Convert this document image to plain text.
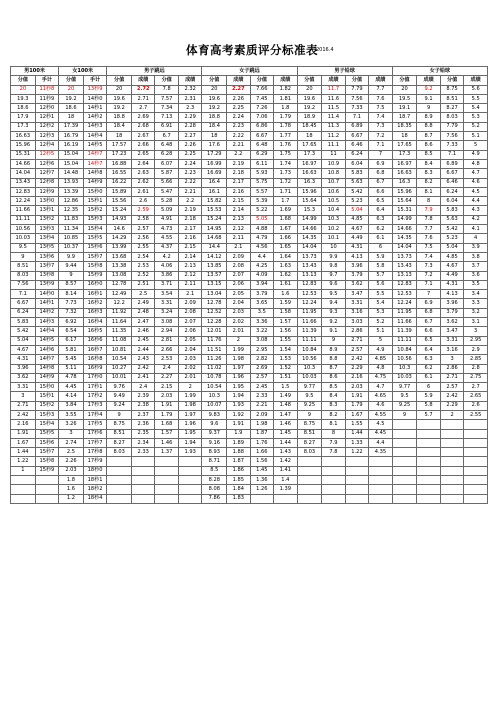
体育高考素质评分标准表
2016.4
男100米		女100米		男子跳远				女子跳远				男子铅球				女子铅球			
分值	手计	分值	手计	分值	成绩	分值	成绩	分值	成绩	分值	成绩	分值	成绩	分值	成绩	分值	成绩	分值	成绩
20	11秒8	20	13秒9	20	2.72	7.8	2.32	20	2.27	7.66	1.82	20	11.7	7.79	7.7	20	9.2	8.75	5.6
19.3	11秒9	19.2	14秒0	19.6	2.71	7.57	2.31	19.6	2.26	7.45	1.81	19.6	11.6	7.56	7.6	19.5	9.1	8.51	5.5
18.6	12秒0	18.6	14秒1	19.2	2.7	7.34	2.3	19.2	2.25	7.26	1.8	19.2	11.5	7.33	7.5	19.1	9	8.27	5.4
17.9	12秒1	18	14秒2	18.8	2.69	7.13	2.29	18.8	2.24	7.06	1.79	18.9	11.4	7.1	7.4	18.7	8.9	8.03	5.3
17.3	12秒2	17.39	14秒3	18.4	2.68	6.91	2.28	18.4	2.23	6.86	1.78	18.45	11.3	6.89	7.3	18.35	8.8	7.79	5.2
16.63	12秒3	16.79	14秒4	18	2.67	6.7	2.27	18	2.22	6.67	1.77	18	11.2	6.67	7.2	18	8.7	7.56	5.1
15.96	12秒4	16.19	14秒5	17.57	2.66	6.48	2.26	17.6	2.21	6.48	1.76	17.65	11.1	6.46	7.1	17.65	8.6	7.33	5
15.31	12秒5	15.04	14秒7	17.23	2.65	6.28	2.25	17.29	2.2	6.29	1.75	17.3	11	6.24	7	17.3	8.5	7.1	4.9
14.66	12秒6	15.04	14秒7	16.88	2.64	6.07	2.24	16.99	2.19	6.11	1.74	16.97	10.9	6.04	6.9	16.97	8.4	6.89	4.8
14.04	12秒7	14.48	14秒8	16.55	2.63	5.87	2.23	16.69	2.18	5.93	1.73	16.63	10.8	5.83	6.8	16.63	8.3	6.67	4.7
13.43	12秒8	13.93	14秒9	16.22	2.62	5.66	2.22	16.4	2.17	5.75	1.72	16.3	10.7	5.63	6.7	16.3	8.2	6.46	4.6
12.83	12秒9	13.39	15秒0	15.89	2.61	5.47	2.21	16.1	2.16	5.57	1.71	15.96	10.6	5.42	6.6	15.96	8.1	6.24	4.5
12.24	13秒0	12.86	15秒1	15.56	2.6	5.28	2.2	15.82	2.15	5.39	1.7	15.64	10.5	5.23	6.5	15.64	8	6.04	4.4
11.66	13秒1	12.35	15秒2	15.24	2.59	5.09	2.19	15.53	2.14	5.22	1.69	15.3	10.4	5.04	6.4	15.31	7.9	5.83	4.3
11.11	13秒2	11.83	15秒3	14.93	2.58	4.91	2.18	15.24	2.13	5.05	1.68	14.99	10.3	4.85	6.3	14.99	7.8	5.63	4.2
10.56	13秒3	11.34	15秒4	14.6	2.57	4.73	2.17	14.95	2.12	4.88	1.67	14.66	10.2	4.67	6.2	14.66	7.7	5.42	4.1
10.03	13秒4	10.85	15秒5	14.29	2.56	4.55	2.16	14.68	2.11	4.79	1.66	14.35	10.1	4.49	6.1	14.35	7.6	5.23	4
9.5	13秒5	10.37	15秒6	13.99	2.55	4.37	2.15	14.4	2.1	4.56	1.65	14.04	10	4.31	6	14.04	7.5	5.04	3.9
9	13秒6	9.9	15秒7	13.68	2.54	4.2	2.14	14.12	2.09	4.4	1.64	13.73	9.9	4.13	5.9	13.73	7.4	4.85	3.8
8.51	13秒7	9.44	15秒8	13.38	2.53	4.06	2.13	13.85	2.08	4.25	1.63	13.43	9.8	3.96	5.8	13.43	7.3	4.67	3.7
8.03	13秒8	9	15秒9	13.08	2.52	3.86	2.12	13.57	2.07	4.09	1.62	13.13	9.7	3.79	5.7	13.13	7.2	4.49	3.6
7.56	13秒9	8.57	16秒0	12.78	2.51	3.71	2.11	13.15	2.06	3.94	1.61	12.83	9.6	3.62	5.6	12.83	7.1	4.31	3.5
7.1	14秒0	8.14	16秒1	12.49	2.5	3.54	2.1	13.04	2.05	3.79	1.6	12.53	9.5	3.47	5.5	12.53	7	4.13	3.4
6.67	14秒1	7.73	16秒2	12.2	2.49	3.31	2.09	12.78	2.04	3.65	1.59	12.24	9.4	3.31	5.4	12.24	6.9	3.96	3.3
6.24	14秒2	7.32	16秒3	11.92	2.48	3.24	2.08	12.52	2.03	3.5	1.58	11.95	9.3	3.16	5.3	11.95	6.8	3.79	3.2
5.83	14秒3	6.92	16秒4	11.64	2.47	3.08	2.07	12.28	2.02	3.36	1.57	11.66	9.2	3.03	5.2	11.66	6.7	3.62	3.1
5.42	14秒4	6.54	16秒5	11.35	2.46	2.94	2.06	12.01	2.01	3.22	1.56	11.39	9.1	2.86	5.1	11.39	6.6	3.47	3
5.04	14秒5	6.17	16秒6	11.08	2.45	2.81	2.05	11.76	2	3.08	1.55	11.11	9	2.71	5	11.11	6.5	3.31	2.95
4.67	14秒6	5.81	16秒7	10.81	2.44	2.66	2.04	11.51	1.99	2.95	1.54	10.84	8.9	2.57	4.9	10.84	6.4	3.16	2.9
4.31	14秒7	5.45	16秒8	10.54	2.43	2.53	2.03	11.26	1.98	2.82	1.53	10.56	8.8	2.42	4.85	10.56	6.3	3	2.85
3.96	14秒8	5.11	16秒9	10.27	2.42	2.4	2.02	11.02	1.97	2.69	1.52	10.3	8.7	2.29	4.8	10.3	6.2	2.86	2.8
3.62	14秒9	4.78	17秒0	10.01	2.41	2.27	2.01	10.78	1.96	2.57	1.51	10.03	8.6	2.16	4.75	10.03	6.1	2.71	2.75
3.31	15秒0	4.45	17秒1	9.76	2.4	2.15	2	10.54	1.95	2.45	1.5	9.77	8.5	2.03	4.7	9.77	6	2.57	2.7
3	15秒1	4.14	17秒2	9.49	2.39	2.03	1.99	10.3	1.94	2.33	1.49	9.5	8.4	1.91	4.65	9.5	5.9	2.42	2.65
2.71	15秒2	3.84	17秒3	9.24	2.38	1.91	1.98	10.07	1.93	2.21	1.48	9.25	8.3	1.79	4.6	9.25	5.8	2.29	2.6
2.42	15秒3	3.55	17秒4	9	2.37	1.79	1.97	9.83	1.92	2.09	1.47	9	8.2	1.67	4.55	9	5.7	2	2.55
2.16	15秒4	3.26	17秒5	8.75	2.36	1.68	1.96	9.6	1.91	1.98	1.46	8.75	8.1	1.55	4.5				
1.91	15秒5	3	17秒6	8.51	2.35	1.57	1.95	9.37	1.9	1.87	1.45	8.51	8	1.44	4.45				
1.67	15秒6	2.74	17秒7	8.27	2.34	1.46	1.94	9.16	1.89	1.76	1.44	8.27	7.9	1.33	4.4				
1.44	15秒7	2.5	17秒8	8.03	2.33	1.37	1.93	8.93	1.88	1.66	1.43	8.03	7.8	1.22	4.35				
1.22	15秒8	2.26	17秒9					8.71	1.87	1.56	1.42								
1	15秒9	2.03	18秒0					8.5	1.86	1.45	1.41								
		1.8	18秒1					8.28	1.85	1.36	1.4								
		1.6	18秒2					8.08	1.84	1.26	1.39								
		1.2	18秒4					7.86	1.83										
